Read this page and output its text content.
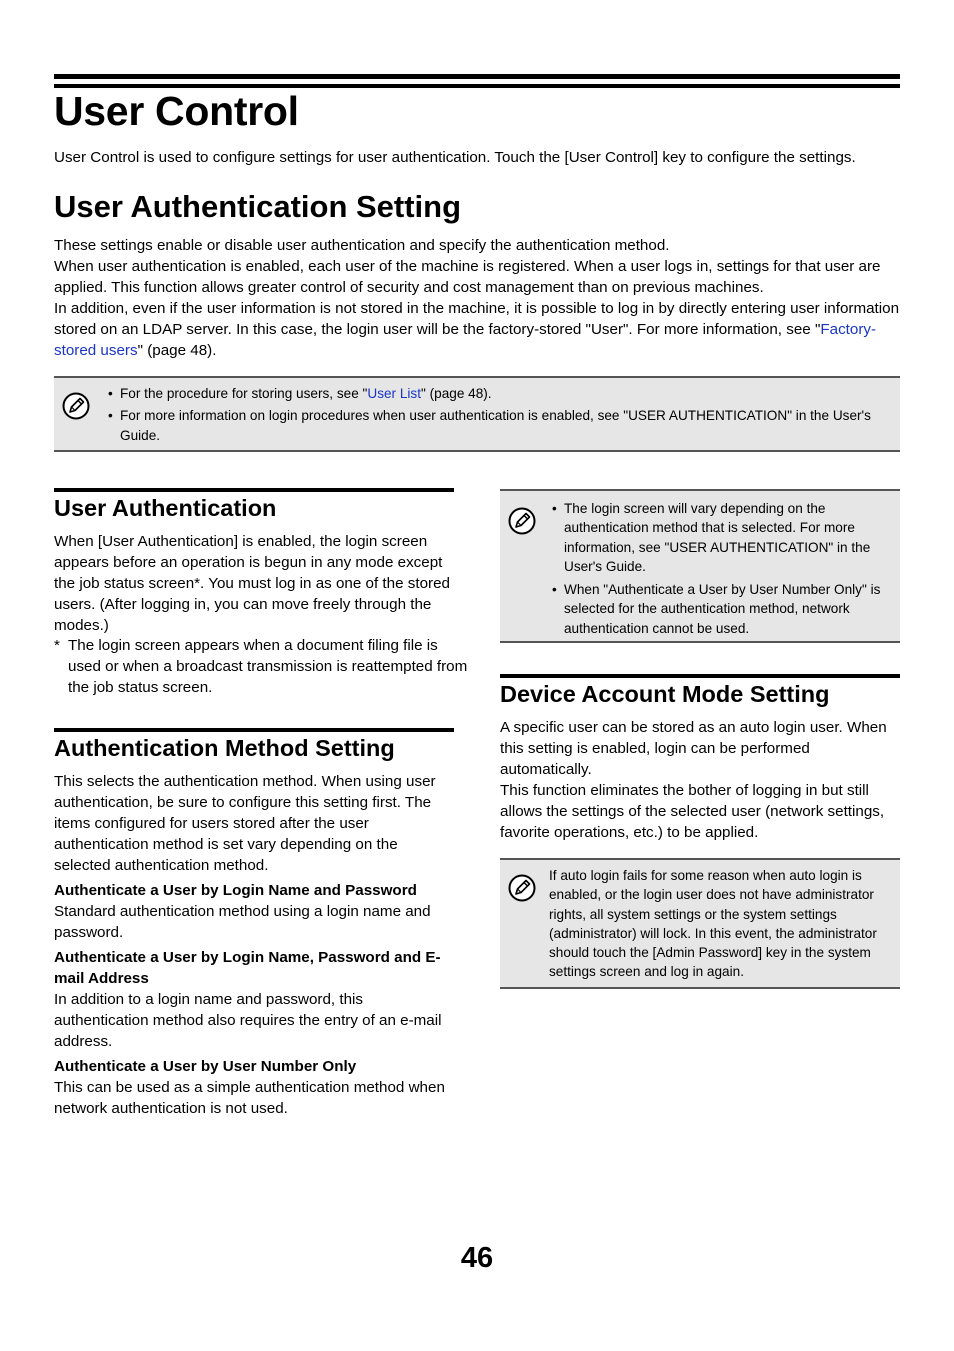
User Control

User Control is used to configure settings for user authentication. Touch the [User Control] key to configure the settings.

User Authentication Setting

These settings enable or disable user authentication and specify the authentication method.

When user authentication is enabled, each user of the machine is registered. When a user logs in, settings for that user are applied. This function allows greater control of security and cost management than on previous machines.

In addition, even if the user information is not stored in the machine, it is possible to log in by directly entering user information stored on an LDAP server. In this case, the login user will be the factory-stored "User". For more information, see "Factory-stored users" (page 48).

• For the procedure for storing users, see "User List" (page 48).
• For more information on login procedures when user authentication is enabled, see "USER AUTHENTICATION" in the User's Guide.
User Authentication

When [User Authentication] is enabled, the login screen appears before an operation is begun in any mode except the job status screen*. You must log in as one of the stored users. (After logging in, you can move freely through the modes.)

* The login screen appears when a document filing file is used or when a broadcast transmission is reattempted from the job status screen.

Authentication Method Setting

This selects the authentication method. When using user authentication, be sure to configure this setting first. The items configured for users stored after the user authentication method is set vary depending on the selected authentication method.

Authenticate a User by Login Name and Password

Standard authentication method using a login name and password.

Authenticate a User by Login Name, Password and E-mail Address

In addition to a login name and password, this authentication method also requires the entry of an e-mail address.

Authenticate a User by User Number Only

This can be used as a simple authentication method when network authentication is not used.

• The login screen will vary depending on the authentication method that is selected. For more information, see "USER AUTHENTICATION" in the User's Guide.
• When "Authenticate a User by User Number Only" is selected for the authentication method, network authentication cannot be used.
Device Account Mode Setting

A specific user can be stored as an auto login user. When this setting is enabled, login can be performed automatically.

This function eliminates the bother of logging in but still allows the settings of the selected user (network settings, favorite operations, etc.) to be applied.

If auto login fails for some reason when auto login is enabled, or the login user does not have administrator rights, all system settings or the system settings (administrator) will lock. In this event, the administrator should touch the [Admin Password] key in the system settings screen and log in again.

46
